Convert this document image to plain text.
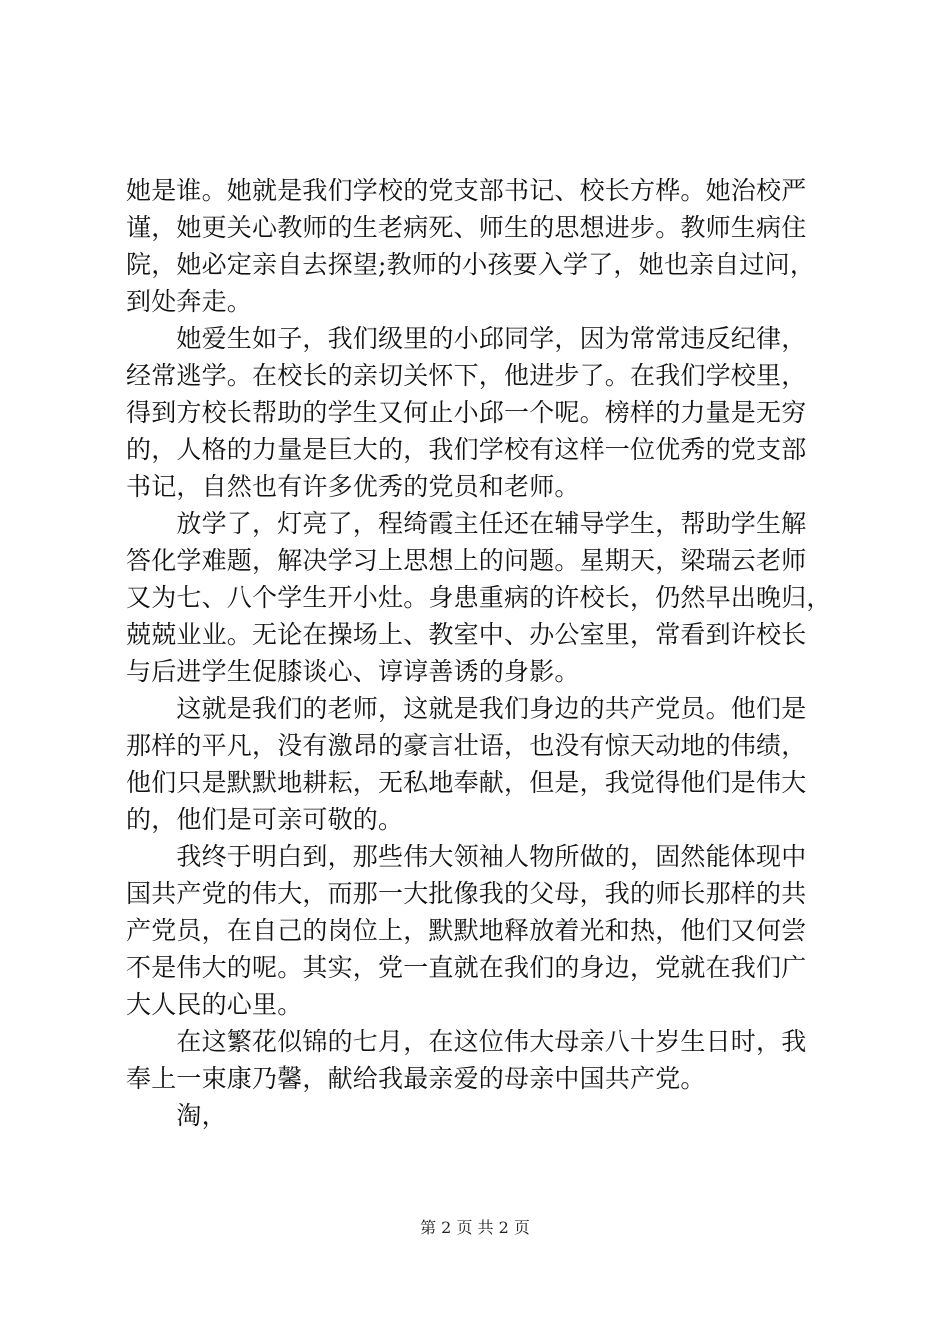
她是谁。她就是我们学校的党支部书记、校长方桦。她治校严
谨，她更关心教师的生老病死、师生的思想进步。教师生病住
院，她必定亲自去探望;教师的小孩要入学了，她也亲自过问，
到处奔走。
　　她爱生如子，我们级里的小邱同学，因为常常违反纪律，
经常逃学。在校长的亲切关怀下，他进步了。在我们学校里，
得到方校长帮助的学生又何止小邱一个呢。榜样的力量是无穷
的，人格的力量是巨大的，我们学校有这样一位优秀的党支部
书记，自然也有许多优秀的党员和老师。
　　放学了，灯亮了，程绮霞主任还在辅导学生，帮助学生解
答化学难题，解决学习上思想上的问题。星期天，梁瑞云老师
又为七、八个学生开小灶。身患重病的许校长，仍然早出晚归，
兢兢业业。无论在操场上、教室中、办公室里，常看到许校长
与后进学生促膝谈心、谆谆善诱的身影。
　　这就是我们的老师，这就是我们身边的共产党员。他们是
那样的平凡，没有激昂的豪言壮语，也没有惊天动地的伟绩，
他们只是默默地耕耘，无私地奉献，但是，我觉得他们是伟大
的，他们是可亲可敬的。
　　我终于明白到，那些伟大领袖人物所做的，固然能体现中
国共产党的伟大，而那一大批像我的父母，我的师长那样的共
产党员，在自己的岗位上，默默地释放着光和热，他们又何尝
不是伟大的呢。其实，党一直就在我们的身边，党就在我们广
大人民的心里。
　　在这繁花似锦的七月，在这位伟大母亲八十岁生日时，我
奉上一束康乃馨，献给我最亲爱的母亲中国共产党。
　　淘，
第 2 页 共 2 页
